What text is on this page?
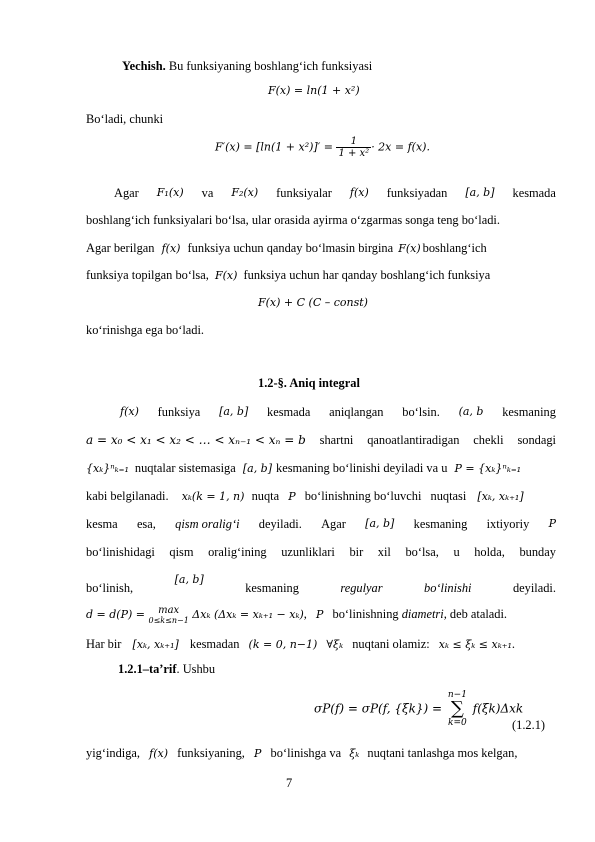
Yechish. Bu funksiyaning boshlang‘ich funksiyasi
F(x) = ln(1 + x²)
Bo‘ladi, chunki
$F'(x) = [\ln(1 + x^2)]' = \frac{1}{\text{1 + x²}} \cdot 2x = f(x)$.
Agar F₁(x) va F₂(x) funksiyalar f(x) funksiyadan [a, b] kesmada
boshlang‘ich funksiyalari bo‘lsa, ular orasida ayirma o‘zgarmas songa teng bo‘ladi.
Agar berilgan f(x) funksiya uchun qanday bo‘lmasin birgina F(x) boshlang‘ich
funksiya topilgan bo‘lsa, F(x) funksiya uchun har qanday boshlang‘ich funksiya
F(x) + C (C – const)
ko‘rinishga ega bo‘ladi.
1.2-§. Aniq integral
f(x) funksiya [a, b] kesmada aniqlangan bo‘lsin. (a, b kesmaning
a = x₀ < x₁ < x₂ < … < xₙ₋₁ < xₙ = b shartni qanoatlantiradigan chekli sondagi
{xₖ}ⁿₖ₌₁ nuqtalar sistemasiga [a, b] kesmaning bo‘linishi deyiladi va u P = {xₖ}ⁿₖ₌₁
kabi belgilanadi. xₖ(k = 1, n) nuqta P bo‘linishning bo‘luvchi nuqtasi [xₖ, xₖ₊₁]
kesma esa, qism oralig‘i deyiladi. Agar [a, b] kesmaning ixtiyoriy P
bo‘linishidagi qism oralig‘ining uzunliklari bir xil bo‘lsa, u holda, bunday
bo‘linish,
[a, b]
kesmaning	regulyar	bo‘linishi	deyiladi.
d = d(P) = max
0≤k≤n−1 Δxₖ (Δxₖ = xₖ₊₁ − xₖ), P bo‘linishning diametri, deb ataladi.
Har bir [xₖ, xₖ₊₁] kesmadan (k = 0, n−1) ∀ξₖ nuqtani olamiz: xₖ ≤ ξₖ ≤ xₖ₊₁.
1.2.1–ta’rif. Ushbu
σP(f) = σP(f, {ξk}) = n−1
∑
k=0 f(ξk)Δxk
(1.2.1)
yig‘indiga, f(x) funksiyaning, P bo‘linishga va ξₖ nuqtani tanlashga mos kelgan,
7
